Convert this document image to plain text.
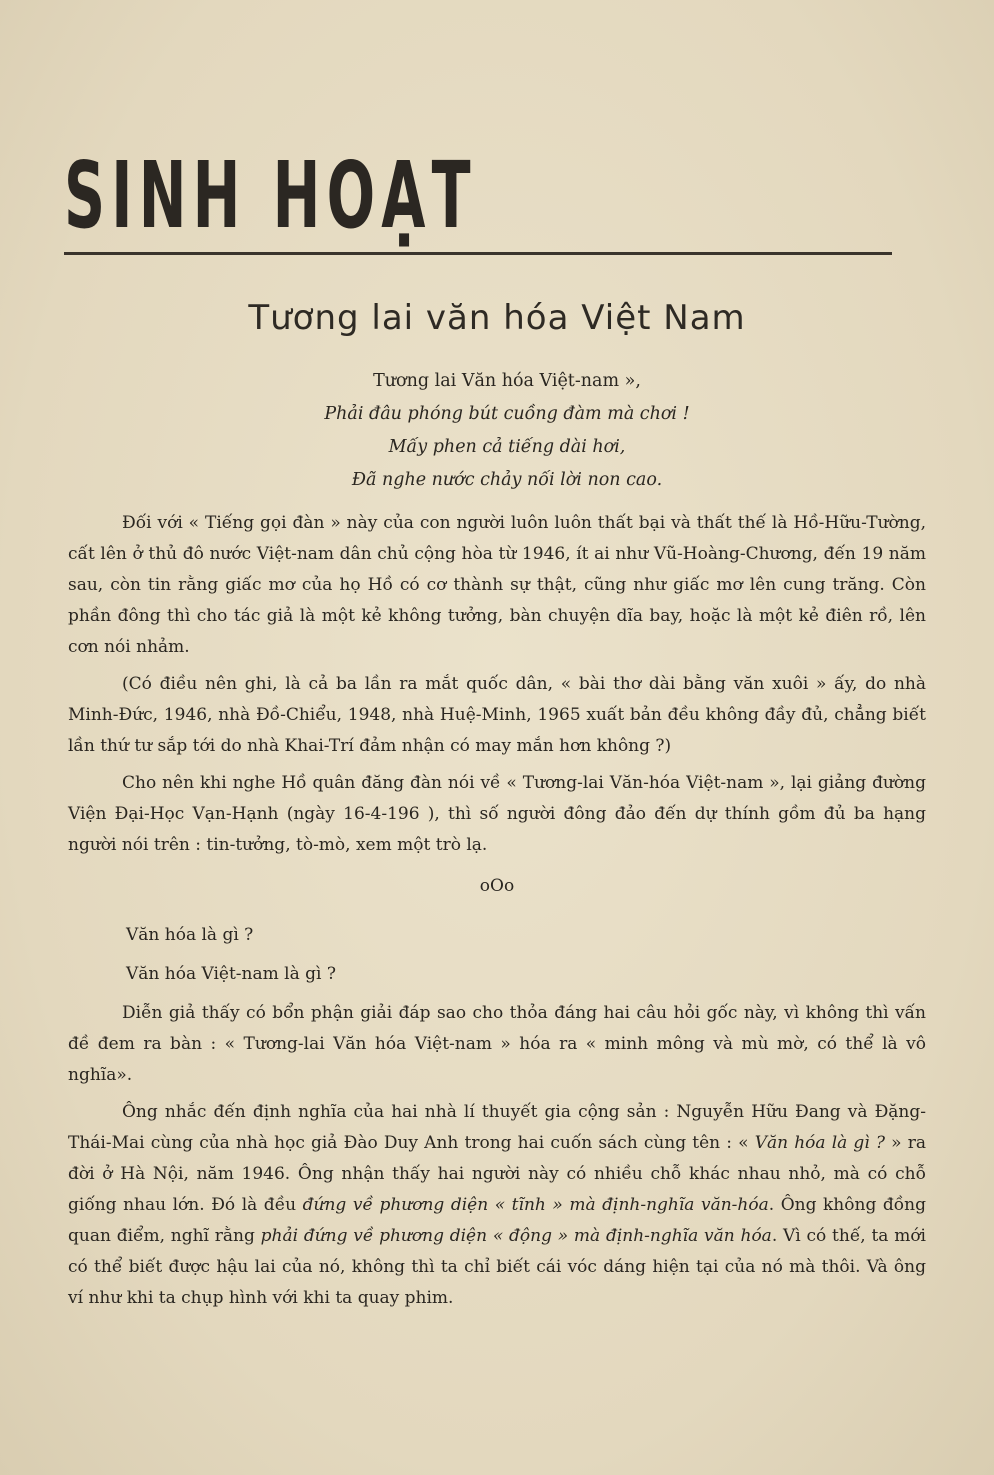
SINH HOẠT
Tương lai văn hóa Việt Nam
Tương lai Văn hóa Việt-nam »,
Phải đâu phóng bút cuồng đàm mà chơi !
Mấy phen cả tiếng dài hơi,
Đã nghe nước chảy nối lời non cao.

Đối với « Tiếng gọi đàn » này của con người luôn luôn thất bại và thất thế là Hồ-Hữu-Tường, cất lên ở thủ đô nước Việt-nam dân chủ cộng hòa từ 1946, ít ai như Vũ-Hoàng-Chương, đến 19 năm sau, còn tin rằng giấc mơ của họ Hồ có cơ thành sự thật, cũng như giấc mơ lên cung trăng. Còn phần đông thì cho tác giả là một kẻ không tưởng, bàn chuyện dĩa bay, hoặc là một kẻ điên rồ, lên cơn nói nhảm.

(Có điều nên ghi, là cả ba lần ra mắt quốc dân, « bài thơ dài bằng văn xuôi » ấy, do nhà Minh-Đức, 1946, nhà Đồ-Chiểu, 1948, nhà Huệ-Minh, 1965 xuất bản đều không đầy đủ, chẳng biết lần thứ tư sắp tới do nhà Khai-Trí đảm nhận có may mắn hơn không ?)

Cho nên khi nghe Hồ quân đăng đàn nói về « Tương-lai Văn-hóa Việt-nam », lại giảng đường Viện Đại-Học Vạn-Hạnh (ngày 16-4-196 ), thì số người đông đảo đến dự thính gồm đủ ba hạng người nói trên : tin-tưởng, tò-mò, xem một trò lạ.

oOo

Văn hóa là gì ?

Văn hóa Việt-nam là gì ?

Diễn giả thấy có bổn phận giải đáp sao cho thỏa đáng hai câu hỏi gốc này, vì không thì vấn đề đem ra bàn : « Tương-lai Văn hóa Việt-nam » hóa ra « minh mông và mù mờ, có thể là vô nghĩa».

Ông nhắc đến định nghĩa của hai nhà lí thuyết gia cộng sản : Nguyễn Hữu Đang và Đặng-Thái-Mai cùng của nhà học giả Đào Duy Anh trong hai cuốn sách cùng tên : « Văn hóa là gì ? » ra đời ở Hà Nội, năm 1946. Ông nhận thấy hai người này có nhiều chỗ khác nhau nhỏ, mà có chỗ giống nhau lớn. Đó là đều đứng về phương diện « tĩnh » mà định-nghĩa văn-hóa. Ông không đồng quan điểm, nghĩ rằng phải đứng về phương diện « động » mà định-nghĩa văn hóa. Vì có thế, ta mới có thể biết được hậu lai của nó, không thì ta chỉ biết cái vóc dáng hiện tại của nó mà thôi. Và ông ví như khi ta chụp hình với khi ta quay phim.
